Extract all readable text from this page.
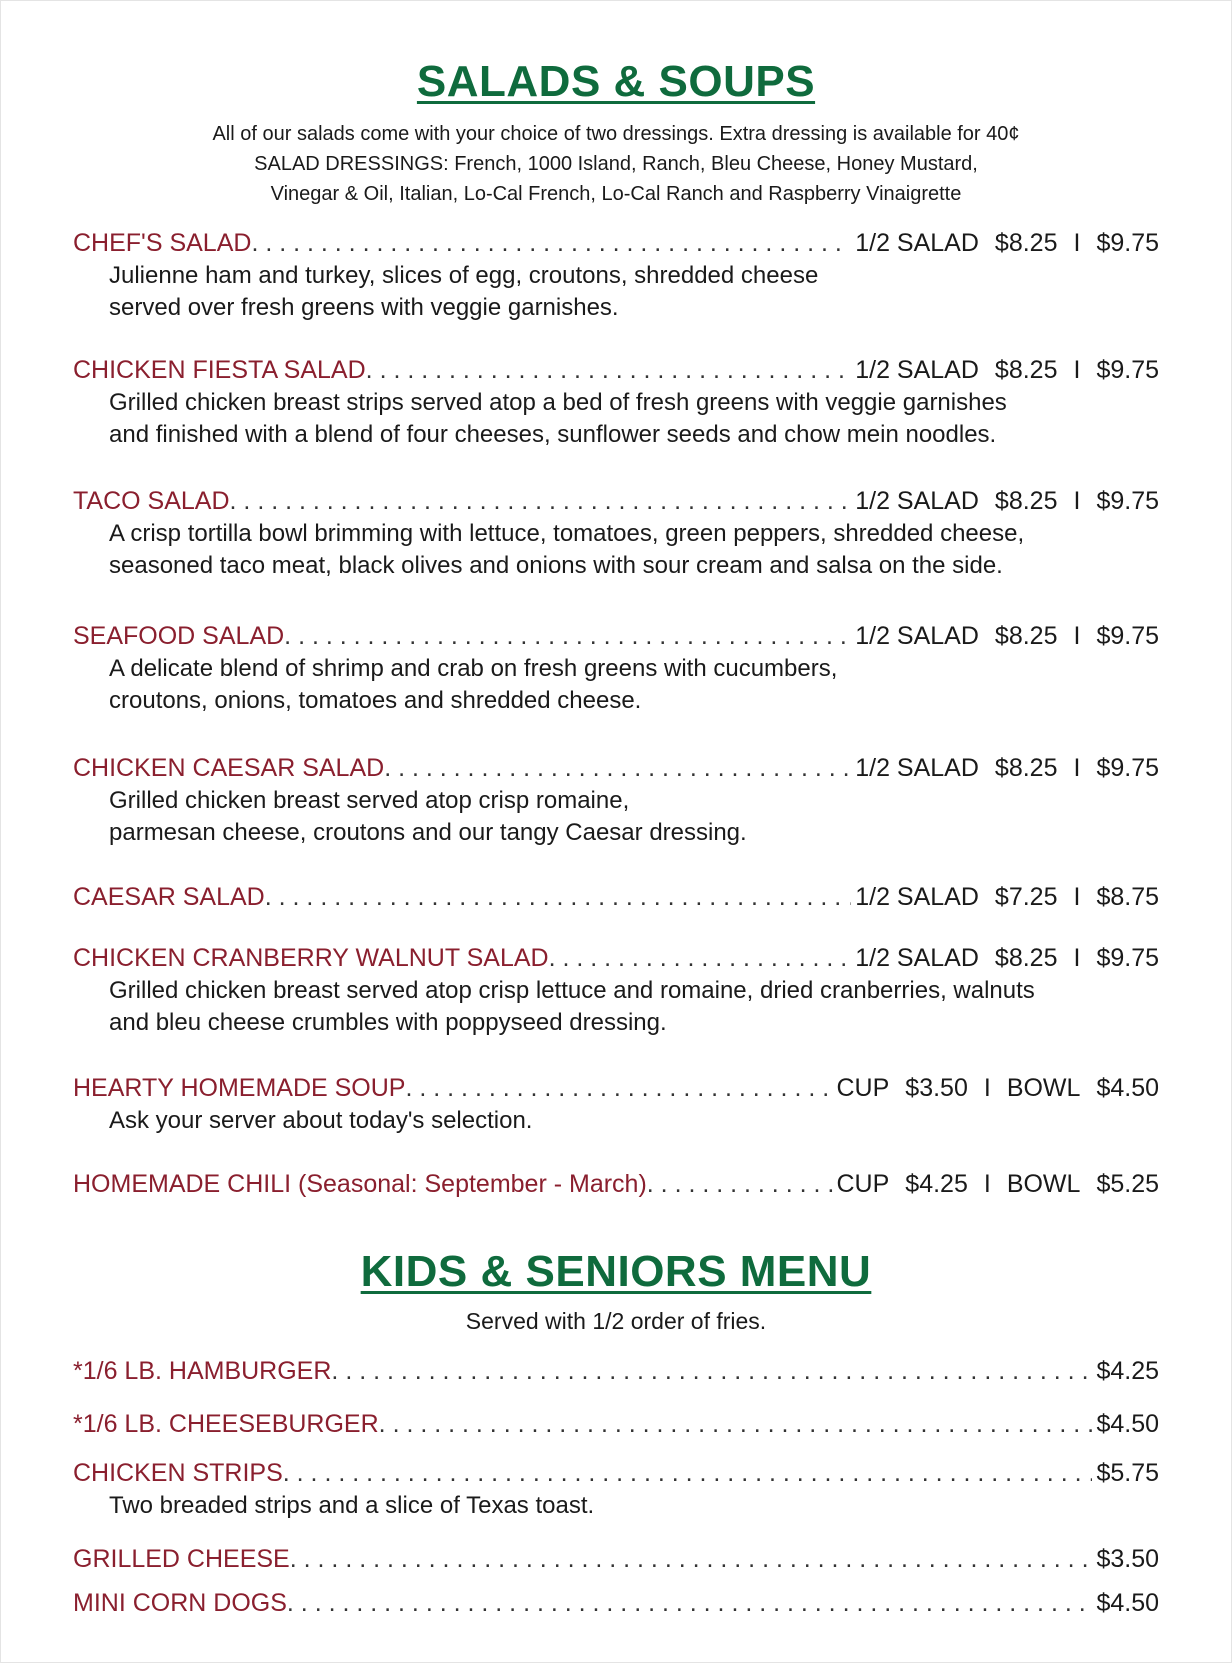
SALADS & SOUPS
All of our salads come with your choice of two dressings. Extra dressing is available for 40¢
SALAD DRESSINGS: French, 1000 Island, Ranch, Bleu Cheese, Honey Mustard,
Vinegar & Oil, Italian, Lo-Cal French, Lo-Cal Ranch and Raspberry Vinaigrette
CHEF'S SALAD . . .	1/2 SALAD $8.25 I $9.75
Julienne ham and turkey, slices of egg, croutons, shredded cheese
served over fresh greens with veggie garnishes.
CHICKEN FIESTA SALAD . . .	1/2 SALAD $8.25 I $9.75
Grilled chicken breast strips served atop a bed of fresh greens with veggie garnishes
and finished with a blend of four cheeses, sunflower seeds and chow mein noodles.
TACO SALAD . . .	1/2 SALAD $8.25 I $9.75
A crisp tortilla bowl brimming with lettuce, tomatoes, green peppers, shredded cheese,
seasoned taco meat, black olives and onions with sour cream and salsa on the side.
SEAFOOD SALAD . . .	1/2 SALAD $8.25 I $9.75
A delicate blend of shrimp and crab on fresh greens with cucumbers,
croutons, onions, tomatoes and shredded cheese.
CHICKEN CAESAR SALAD . . .	1/2 SALAD $8.25 I $9.75
Grilled chicken breast served atop crisp romaine,
parmesan cheese, croutons and our tangy Caesar dressing.
CAESAR SALAD . . .	1/2 SALAD $7.25 I $8.75
CHICKEN CRANBERRY WALNUT SALAD . . .	1/2 SALAD $8.25 I $9.75
Grilled chicken breast served atop crisp lettuce and romaine, dried cranberries, walnuts
and bleu cheese crumbles with poppyseed dressing.
HEARTY HOMEMADE SOUP . . .	CUP $3.50 I BOWL $4.50
Ask your server about today's selection.
HOMEMADE CHILI (Seasonal: September - March) . . .	CUP $4.25 I BOWL $5.25
KIDS & SENIORS MENU
Served with 1/2 order of fries.
*1/6 LB. HAMBURGER . . .	$4.25
*1/6 LB. CHEESEBURGER . . .	$4.50
CHICKEN STRIPS . . .	$5.75
Two breaded strips and a slice of Texas toast.
GRILLED CHEESE . . .	$3.50
MINI CORN DOGS . . .	$4.50
